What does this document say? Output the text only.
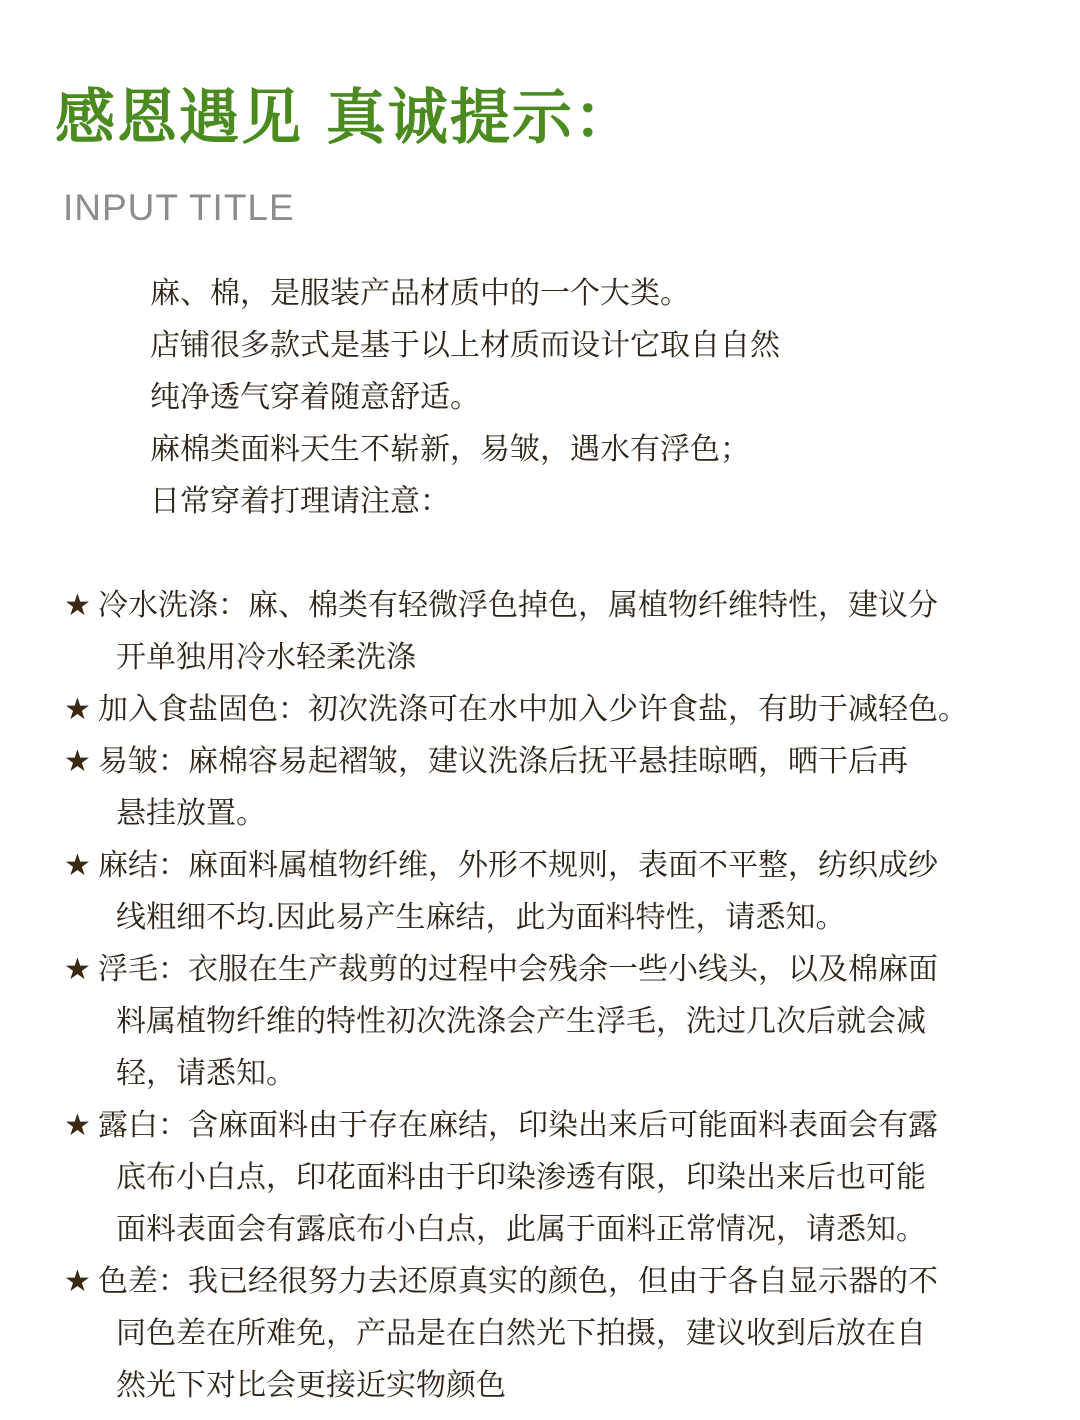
感恩遇见 真诚提示：
INPUT TITLE
麻、棉，是服装产品材质中的一个大类。
店铺很多款式是基于以上材质而设计它取自自然
纯净透气穿着随意舒适。
麻棉类面料天生不崭新，易皱，遇水有浮色；
日常穿着打理请注意：
★ 冷水洗涤：麻、棉类有轻微浮色掉色，属植物纤维特性，建议分
开单独用冷水轻柔洗涤
★ 加入食盐固色：初次洗涤可在水中加入少许食盐，有助于减轻色。
★ 易皱：麻棉容易起褶皱，建议洗涤后抚平悬挂晾晒，晒干后再
悬挂放置。
★ 麻结：麻面料属植物纤维，外形不规则，表面不平整，纺织成纱
线粗细不均.因此易产生麻结，此为面料特性，请悉知。
★ 浮毛：衣服在生产裁剪的过程中会残余一些小线头，以及棉麻面
料属植物纤维的特性初次洗涤会产生浮毛，洗过几次后就会减
轻，请悉知。
★ 露白：含麻面料由于存在麻结，印染出来后可能面料表面会有露
底布小白点，印花面料由于印染渗透有限，印染出来后也可能
面料表面会有露底布小白点，此属于面料正常情况，请悉知。
★ 色差：我已经很努力去还原真实的颜色，但由于各自显示器的不
同色差在所难免，产品是在白然光下拍摄，建议收到后放在自
然光下对比会更接近实物颜色
